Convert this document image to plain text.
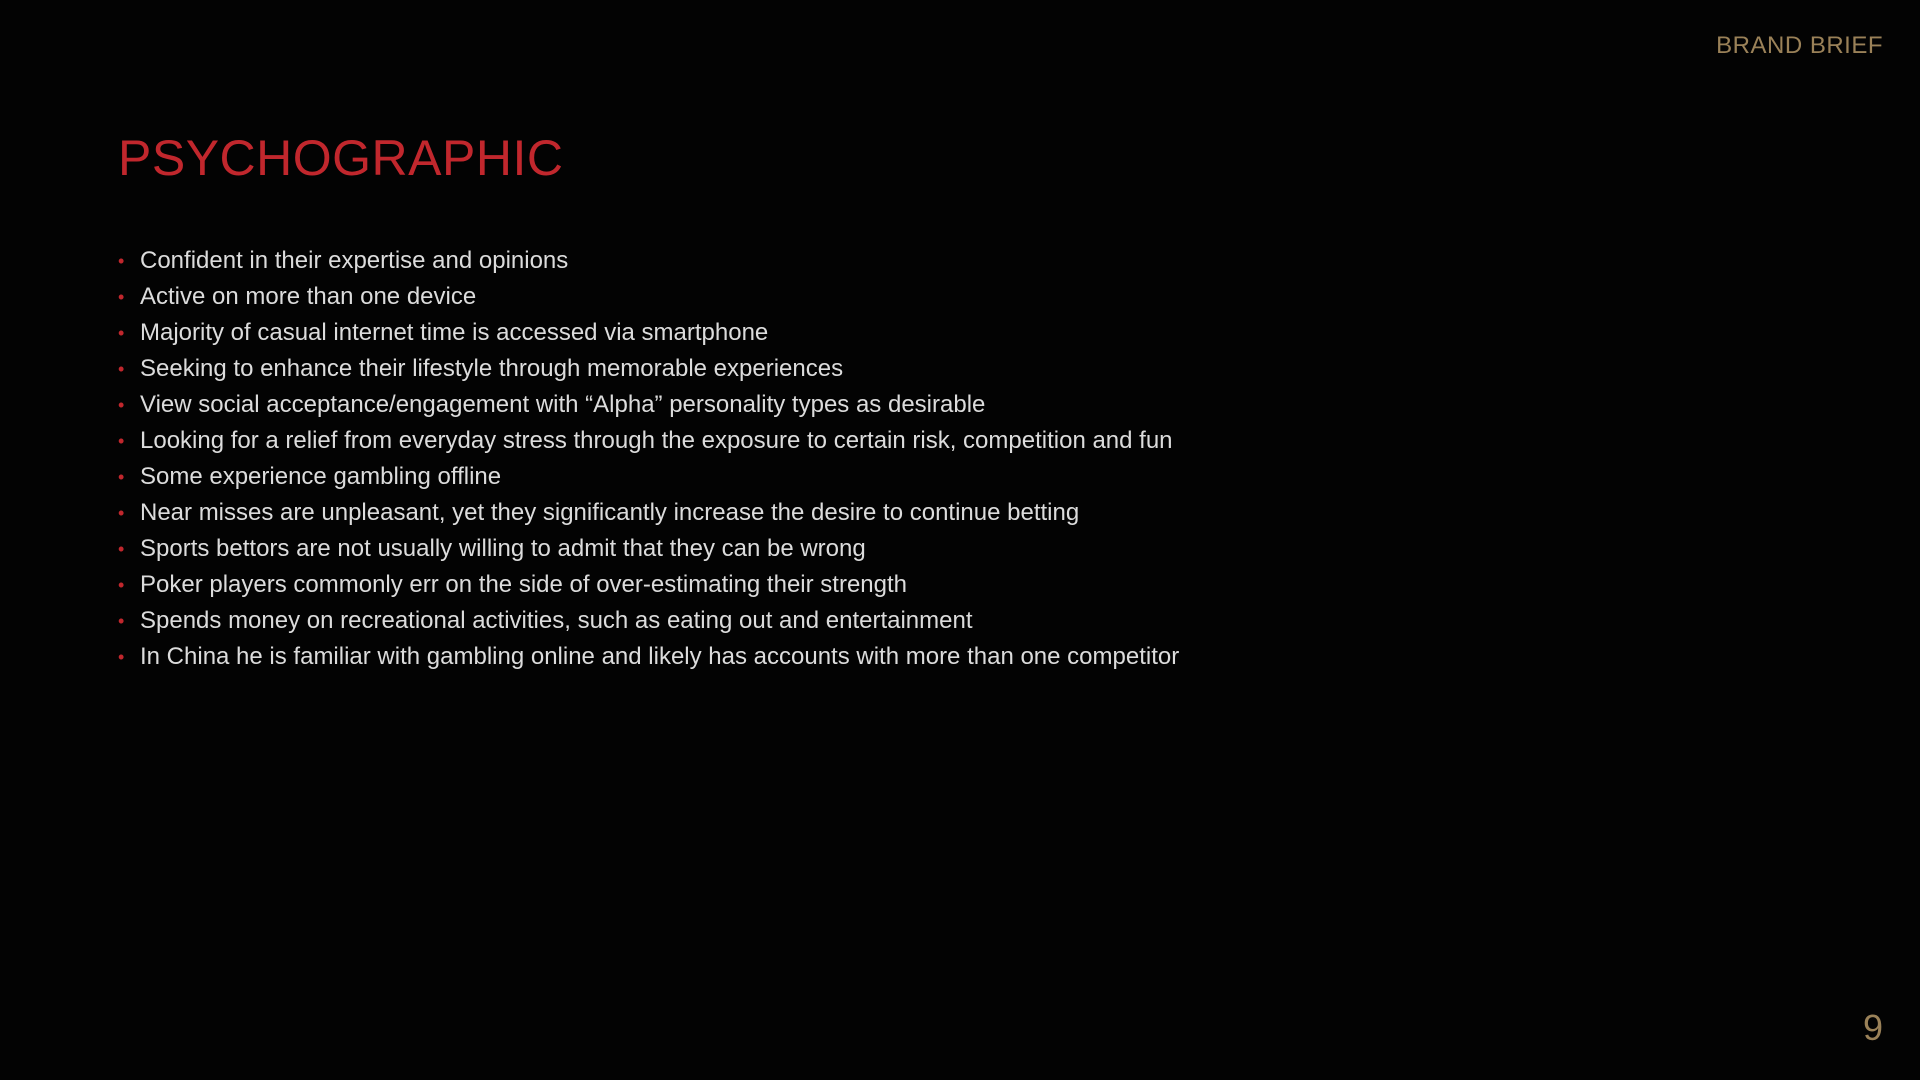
BRAND BRIEF
PSYCHOGRAPHIC
• Confident in their expertise and opinions
• Active on more than one device
• Majority of casual internet time is accessed via smartphone
• Seeking to enhance their lifestyle through memorable experiences
• View social acceptance/engagement with “Alpha” personality types as desirable
• Looking for a relief from everyday stress through the exposure to certain risk, competition and fun
• Some experience gambling offline
• Near misses are unpleasant, yet they significantly increase the desire to continue betting
• Sports bettors are not usually willing to admit that they can be wrong
• Poker players commonly err on the side of over-estimating their strength
• Spends money on recreational activities, such as eating out and entertainment
• In China he is familiar with gambling online and likely has accounts with more than one competitor
9
